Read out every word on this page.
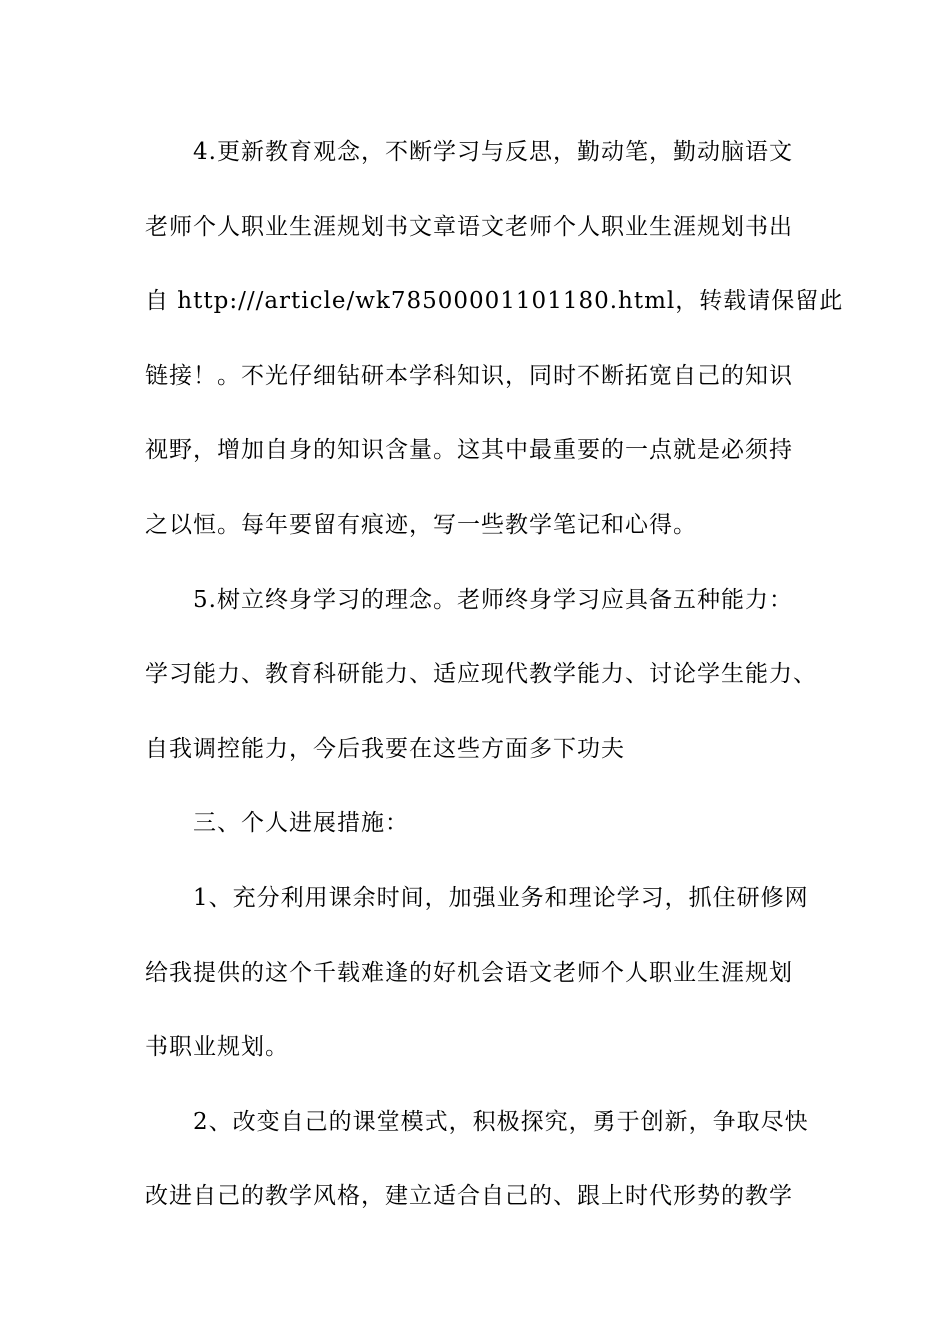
4.更新教育观念，不断学习与反思，勤动笔，勤动脑语文
老师个人职业生涯规划书文章语文老师个人职业生涯规划书出
自 http:///article/wk78500001101180.html，转载请保留此
链接！。不光仔细钻研本学科知识，同时不断拓宽自己的知识
视野，增加自身的知识含量。这其中最重要的一点就是必须持
之以恒。每年要留有痕迹，写一些教学笔记和心得。
5.树立终身学习的理念。老师终身学习应具备五种能力：
学习能力、教育科研能力、适应现代教学能力、讨论学生能力、
自我调控能力，今后我要在这些方面多下功夫
三、个人进展措施：
1、充分利用课余时间，加强业务和理论学习，抓住研修网
给我提供的这个千载难逢的好机会语文老师个人职业生涯规划
书职业规划。
2、改变自己的课堂模式，积极探究，勇于创新，争取尽快
改进自己的教学风格，建立适合自己的、跟上时代形势的教学
